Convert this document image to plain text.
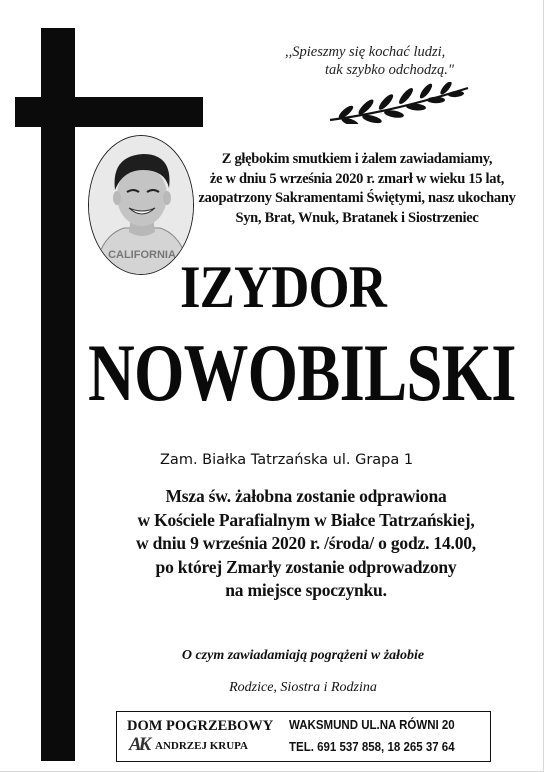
,,Spieszmy się kochać ludzi,
tak szybko odchodzą."
CALIFORNIA
Z głębokim smutkiem i żalem zawiadamiamy,
że w dniu 5 września 2020 r. zmarł w wieku 15 lat,
zaopatrzony Sakramentami Świętymi, nasz ukochany
Syn, Brat, Wnuk, Bratanek i Siostrzeniec
IZYDOR
NOWOBILSKI
Zam. Białka Tatrzańska ul. Grapa 1
Msza św. żałobna zostanie odprawiona
w Kościele Parafialnym w Białce Tatrzańskiej,
w dniu 9 września 2020 r. /środa/ o godz. 14.00,
po której Zmarły zostanie odprowadzony
na miejsce spoczynku.
O czym zawiadamiają pogrążeni w żałobie
Rodzice, Siostra i Rodzina
DOM POGRZEBOWY
AK ANDRZEJ KRUPA
WAKSMUND UL.NA RÓWNI 20
TEL. 691 537 858, 18 265 37 64
